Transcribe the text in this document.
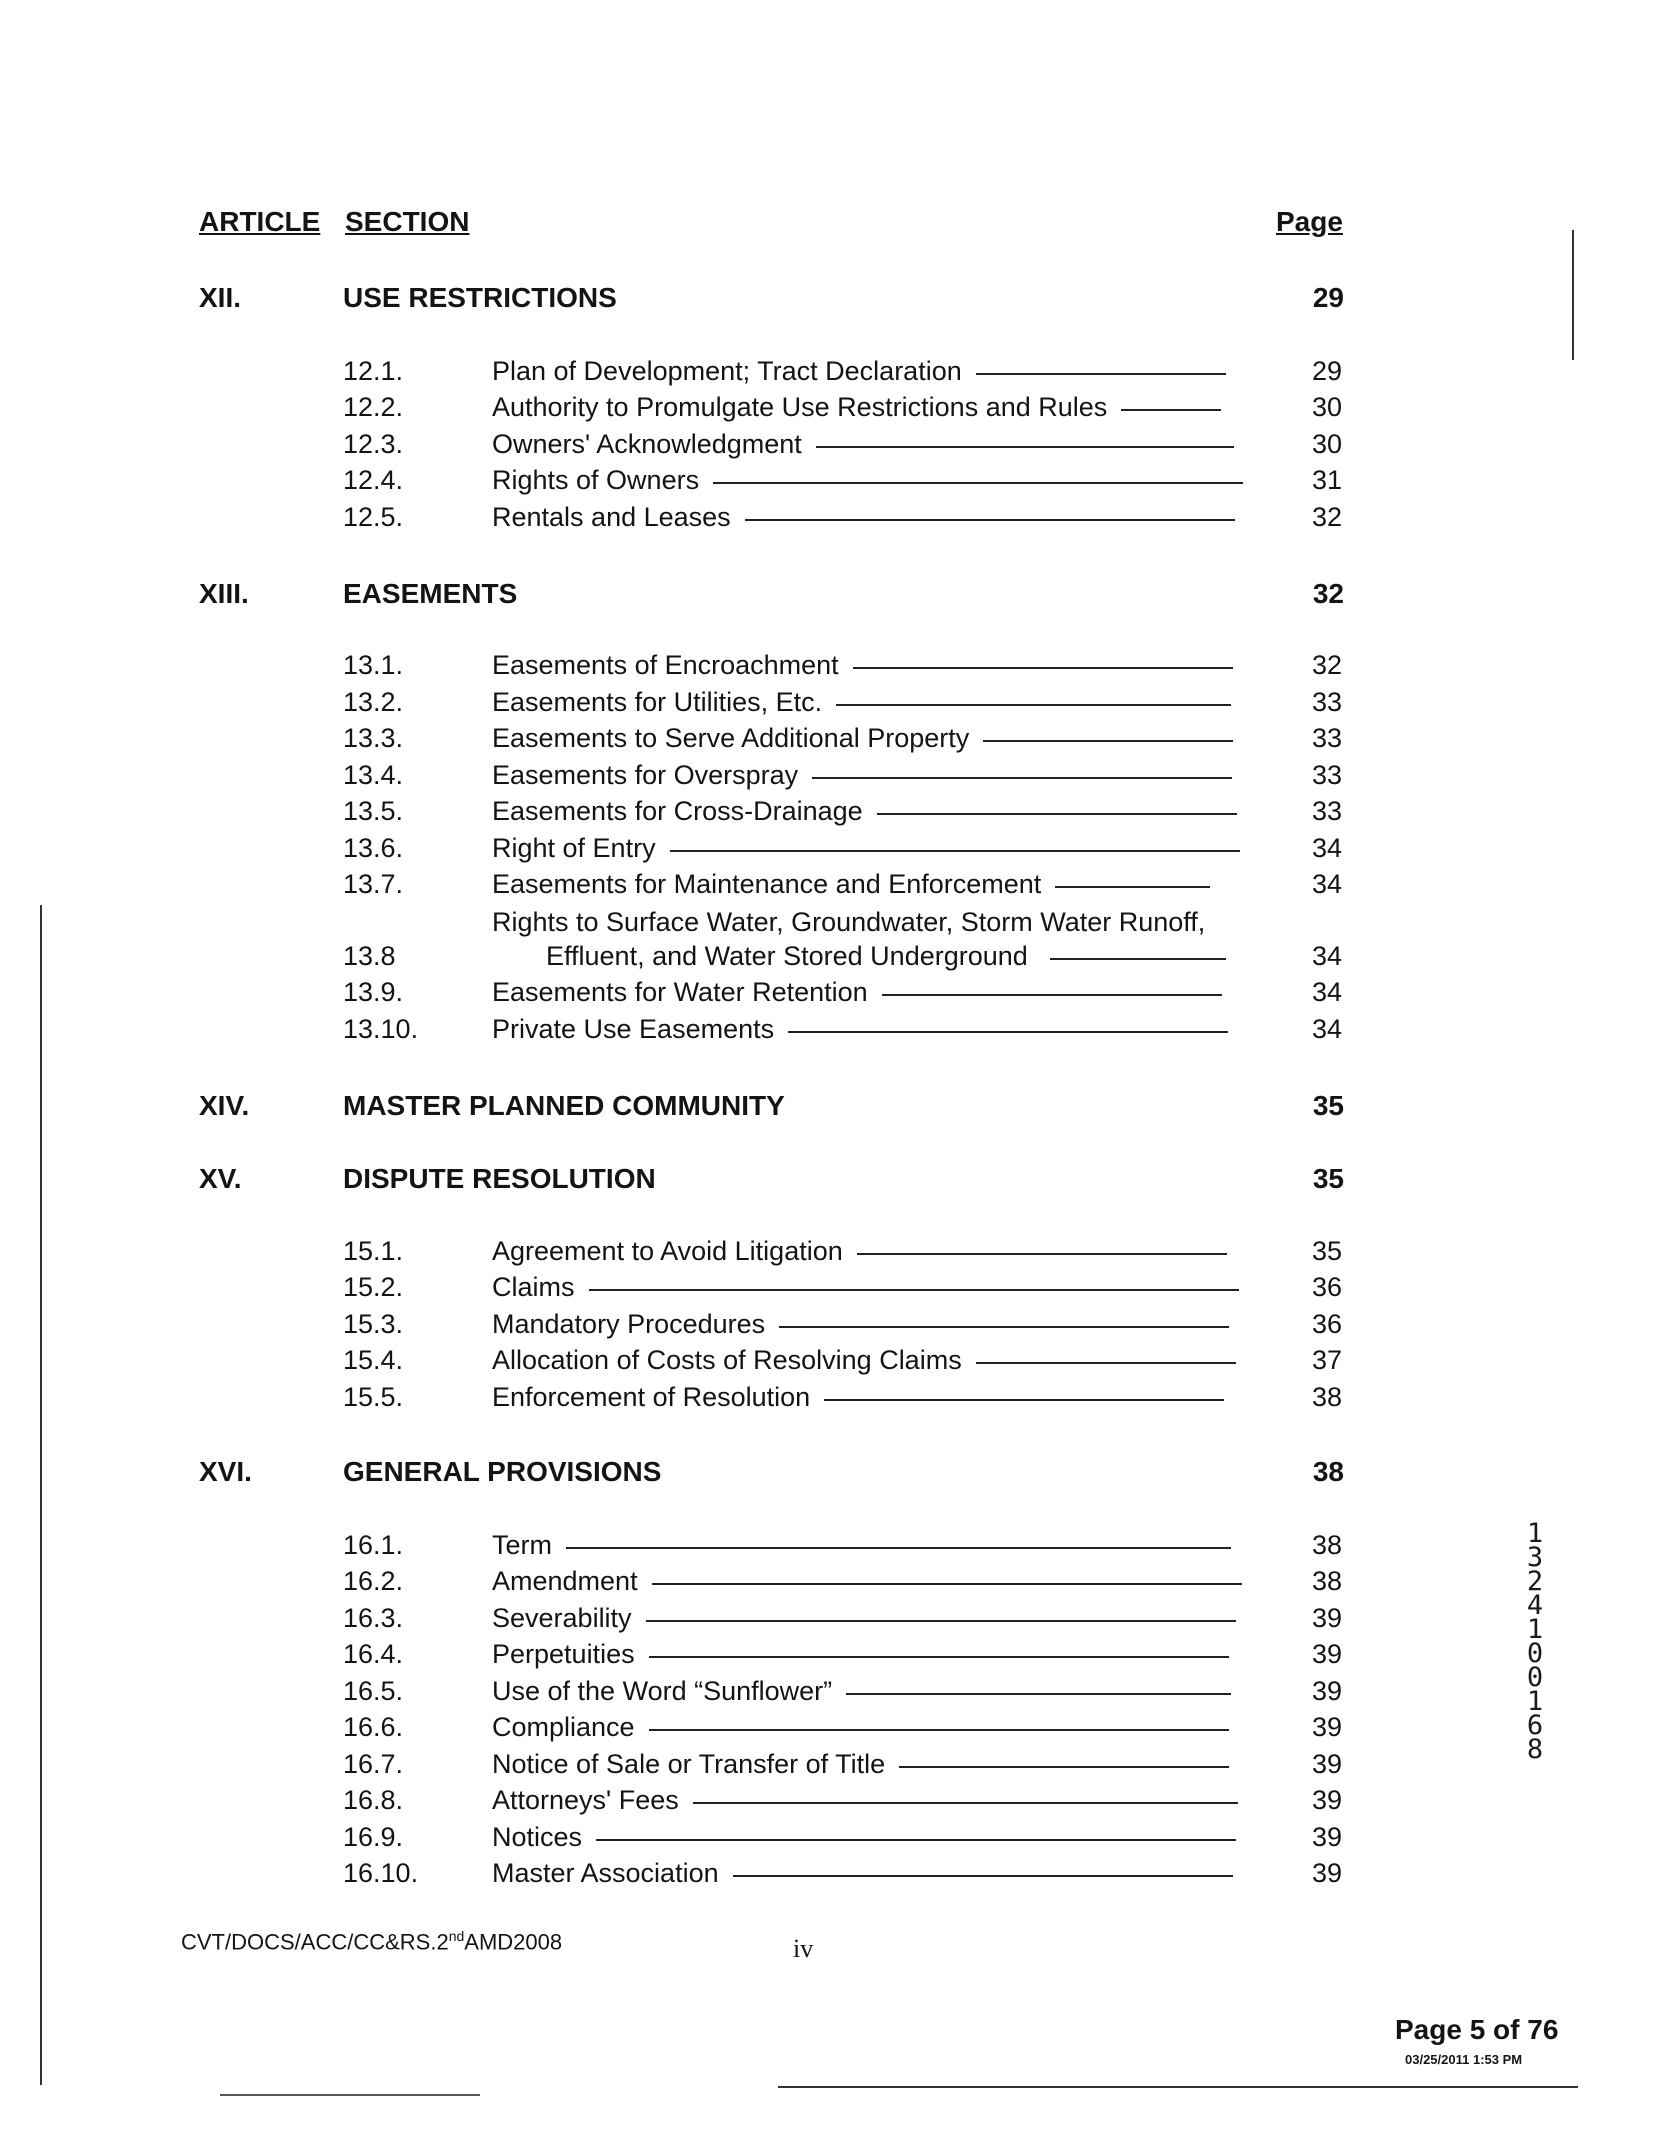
ARTICLE SECTION	Page
XII.	USE RESTRICTIONS	29
12.1.	Plan of Development; Tract Declaration	29
12.2.	Authority to Promulgate Use Restrictions and Rules	30
12.3.	Owners' Acknowledgment	30
12.4.	Rights of Owners	31
12.5.	Rentals and Leases	32
XIII.	EASEMENTS	32
13.1.	Easements of Encroachment	32
13.2.	Easements for Utilities, Etc.	33
13.3.	Easements to Serve Additional Property	33
13.4.	Easements for Overspray	33
13.5.	Easements for Cross-Drainage	33
13.6.	Right of Entry	34
13.7.	Easements for Maintenance and Enforcement	34
Rights to Surface Water, Groundwater, Storm Water Runoff,
13.8	Effluent, and Water Stored Underground	34
13.9.	Easements for Water Retention	34
13.10.	Private Use Easements	34
XIV.	MASTER PLANNED COMMUNITY	35
XV.	DISPUTE RESOLUTION	35
15.1.	Agreement to Avoid Litigation	35
15.2.	Claims	36
15.3.	Mandatory Procedures	36
15.4.	Allocation of Costs of Resolving Claims	37
15.5.	Enforcement of Resolution	38
XVI.	GENERAL PROVISIONS	38
16.1.	Term	38
16.2.	Amendment	38
16.3.	Severability	39
16.4.	Perpetuities	39
16.5.	Use of the Word “Sunflower”	39
16.6.	Compliance	39
16.7.	Notice of Sale or Transfer of Title	39
16.8.	Attorneys' Fees	39
16.9.	Notices	39
16.10.	Master Association	39
CVT/DOCS/ACC/CC&RS.2ndAMD2008	iv
Page 5 of 76
03/25/2011 1:53 PM
13241 00168
